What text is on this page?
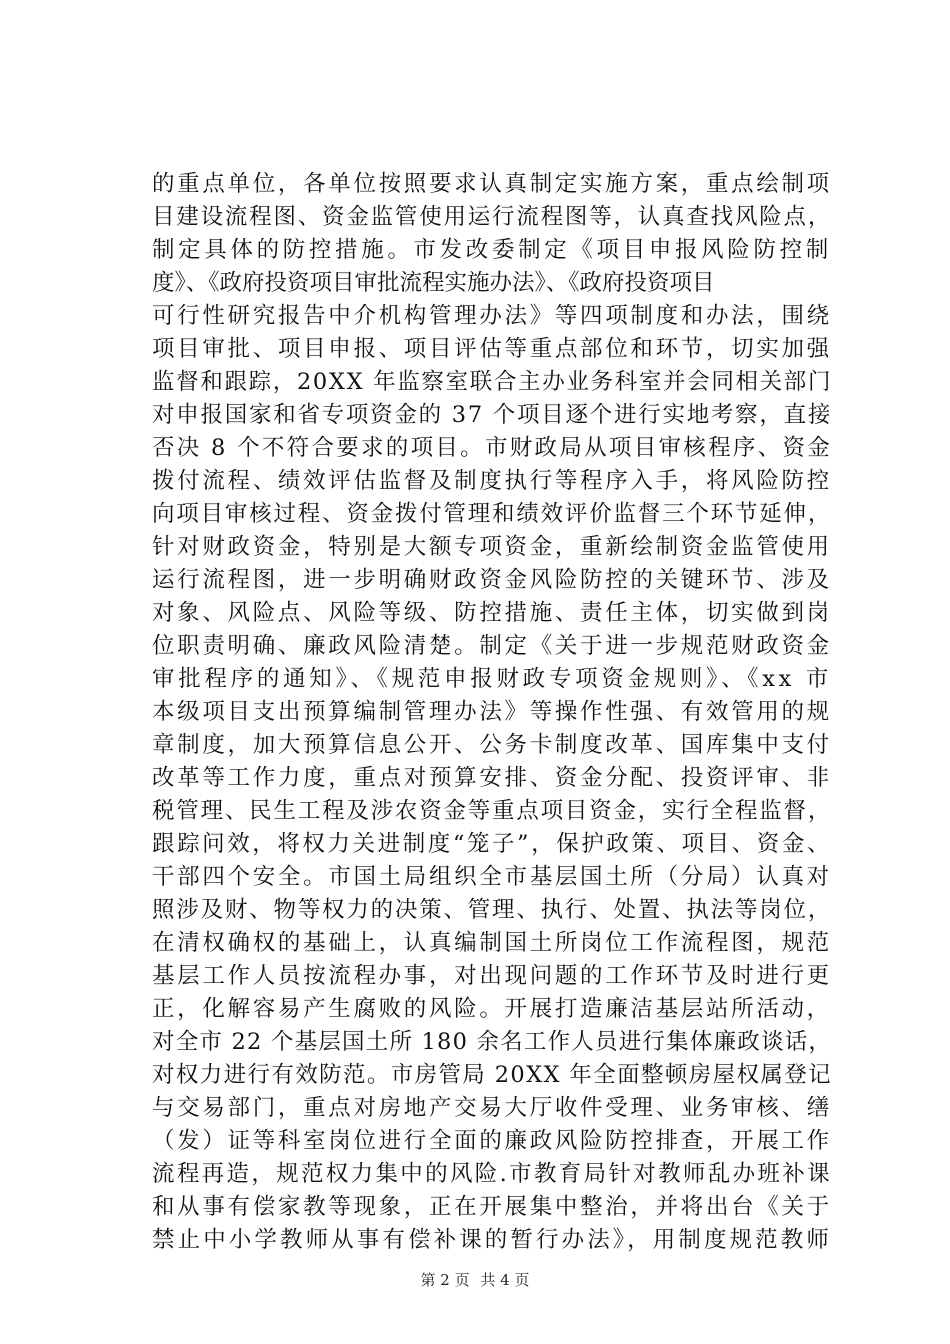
的重点单位，各单位按照要求认真制定实施方案，重点绘制项
目建设流程图、资金监管使用运行流程图等，认真查找风险点，
制定具体的防控措施。市发改委制定《项目申报风险防控制
度》、《政府投资项目审批流程实施办法》、《政府投资项目
可行性研究报告中介机构管理办法》等四项制度和办法，围绕
项目审批、项目申报、项目评估等重点部位和环节，切实加强
监督和跟踪，20XX 年监察室联合主办业务科室并会同相关部门
对申报国家和省专项资金的 37 个项目逐个进行实地考察，直接
否决 8 个不符合要求的项目。市财政局从项目审核程序、资金
拨付流程、绩效评估监督及制度执行等程序入手，将风险防控
向项目审核过程、资金拨付管理和绩效评价监督三个环节延伸，
针对财政资金，特别是大额专项资金，重新绘制资金监管使用
运行流程图，进一步明确财政资金风险防控的关键环节、涉及
对象、风险点、风险等级、防控措施、责任主体，切实做到岗
位职责明确、廉政风险清楚。制定《关于进一步规范财政资金
审批程序的通知》、《规范申报财政专项资金规则》、《xx 市
本级项目支出预算编制管理办法》等操作性强、有效管用的规
章制度，加大预算信息公开、公务卡制度改革、国库集中支付
改革等工作力度，重点对预算安排、资金分配、投资评审、非
税管理、民生工程及涉农资金等重点项目资金，实行全程监督，
跟踪问效，将权力关进制度“笼子”，保护政策、项目、资金、
干部四个安全。市国土局组织全市基层国土所（分局）认真对
照涉及财、物等权力的决策、管理、执行、处置、执法等岗位，
在清权确权的基础上，认真编制国土所岗位工作流程图，规范
基层工作人员按流程办事，对出现问题的工作环节及时进行更
正，化解容易产生腐败的风险。开展打造廉洁基层站所活动，
对全市 22 个基层国土所 180 余名工作人员进行集体廉政谈话，
对权力进行有效防范。市房管局 20XX 年全面整顿房屋权属登记
与交易部门，重点对房地产交易大厅收件受理、业务审核、缮
（发）证等科室岗位进行全面的廉政风险防控排查，开展工作
流程再造，规范权力集中的风险.市教育局针对教师乱办班补课
和从事有偿家教等现象，正在开展集中整治，并将出台《关于
禁止中小学教师从事有偿补课的暂行办法》，用制度规范教师
第 2 页 共 4 页
